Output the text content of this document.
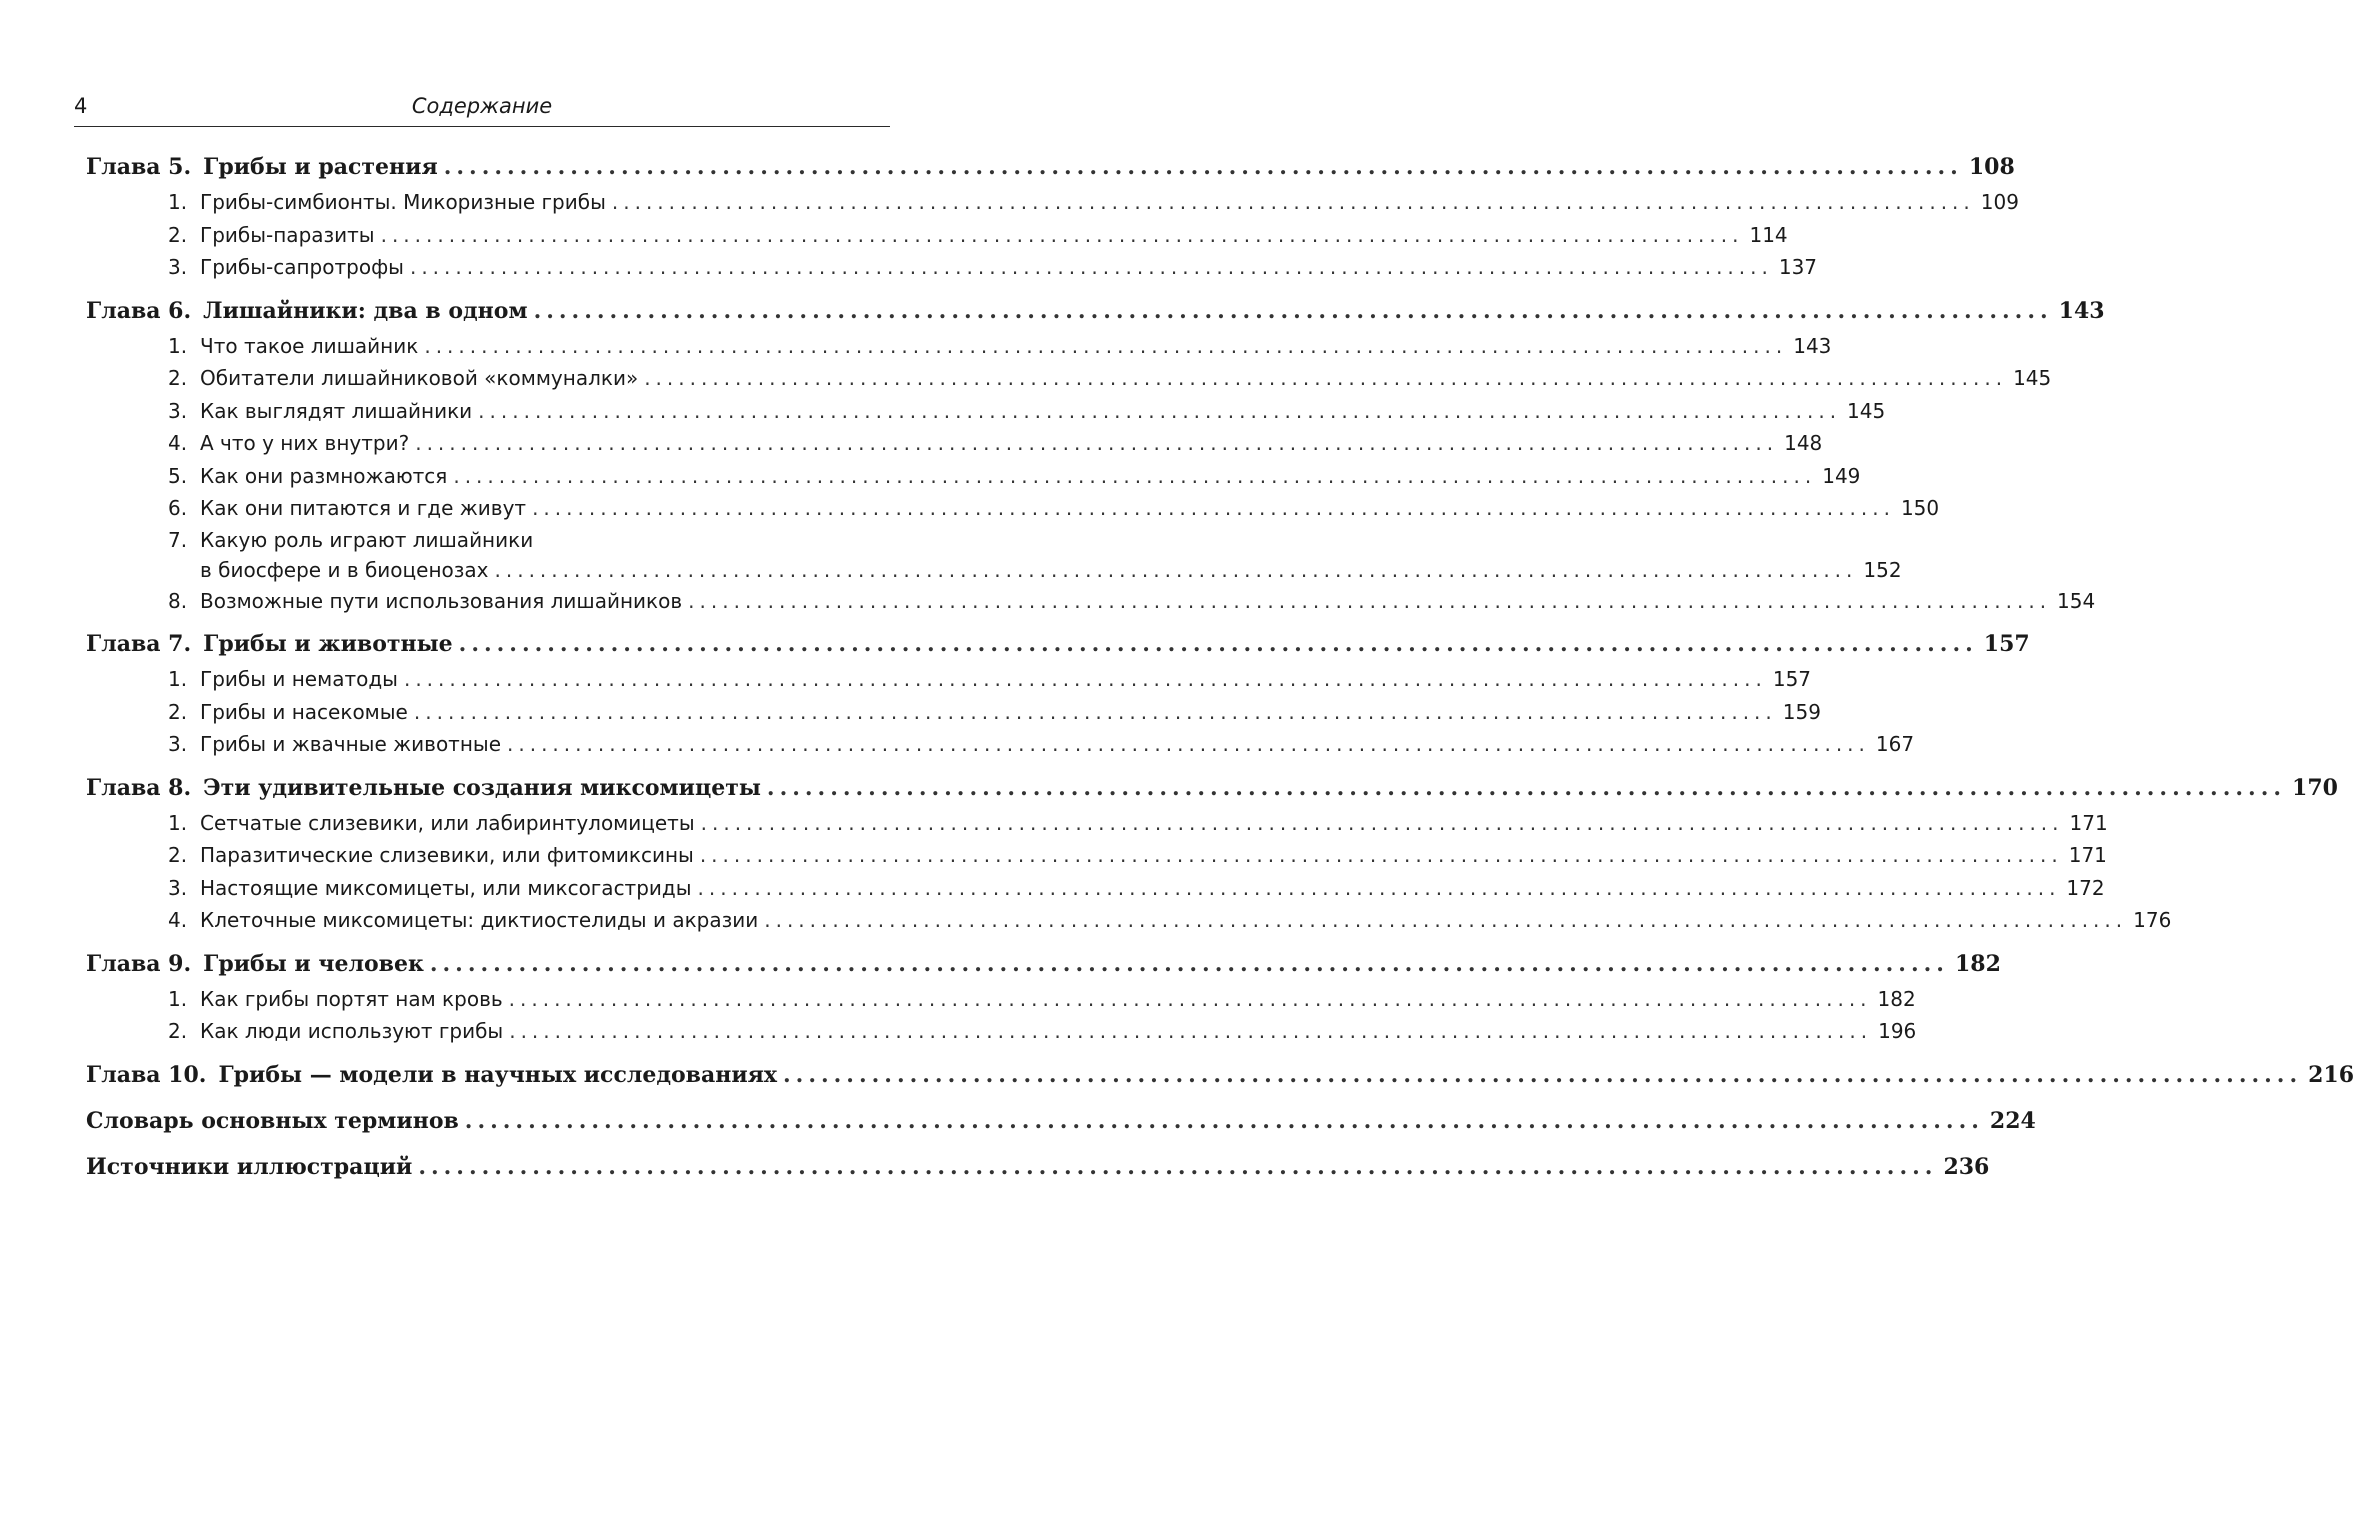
4	Содержание
Глава 5. Грибы и растения ........................................................................................................................ 108
1. Грибы-симбионты. Микоризные грибы ........................................................................................................................ 109
2. Грибы-паразиты ........................................................................................................................ 114
3. Грибы-сапротрофы ........................................................................................................................ 137
Глава 6. Лишайники: два в одном ........................................................................................................................ 143
1. Что такое лишайник ........................................................................................................................ 143
2. Обитатели лишайниковой «коммуналки» ........................................................................................................................ 145
3. Как выглядят лишайники ........................................................................................................................ 145
4. А что у них внутри? ........................................................................................................................ 148
5. Как они размножаются ........................................................................................................................ 149
6. Как они питаются и где живут ........................................................................................................................ 150
7. Какую роль играют лишайники
в биосфере и в биоценозах ........................................................................................................................ 152
8. Возможные пути использования лишайников ........................................................................................................................ 154
Глава 7. Грибы и животные ........................................................................................................................ 157
1. Грибы и нематоды ........................................................................................................................ 157
2. Грибы и насекомые ........................................................................................................................ 159
3. Грибы и жвачные животные ........................................................................................................................ 167
Глава 8. Эти удивительные создания миксомицеты ........................................................................................................................ 170
1. Сетчатые слизевики, или лабиринтуломицеты ........................................................................................................................ 171
2. Паразитические слизевики, или фитомиксины ........................................................................................................................ 171
3. Настоящие миксомицеты, или миксогастриды ........................................................................................................................ 172
4. Клеточные миксомицеты: диктиостелиды и акразии ........................................................................................................................ 176
Глава 9. Грибы и человек ........................................................................................................................ 182
1. Как грибы портят нам кровь ........................................................................................................................ 182
2. Как люди используют грибы ........................................................................................................................ 196
Глава 10. Грибы — модели в научных исследованиях ........................................................................................................................ 216
Словарь основных терминов ........................................................................................................................ 224
Источники иллюстраций ........................................................................................................................ 236
